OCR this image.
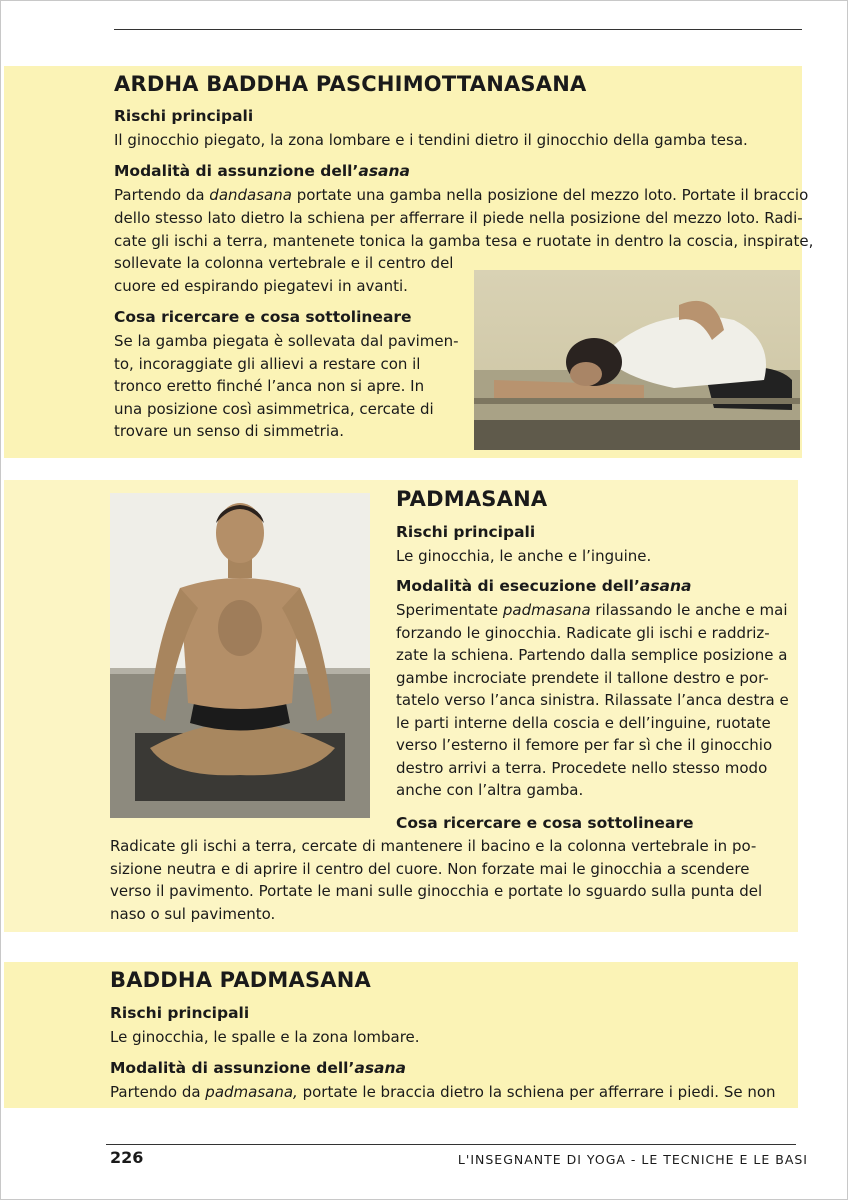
ARDHA BADDHA PASCHIMOTTANASANA
Rischi principali

Il ginocchio piegato, la zona lombare e i tendini dietro il ginocchio della gamba tesa.

Modalità di assunzione dell’asana

Partendo da dandasana portate una gamba nella posizione del mezzo loto. Portate il braccio

dello stesso lato dietro la schiena per afferrare il piede nella posizione del mezzo loto. Radi-

cate gli ischi a terra, mantenete tonica la gamba tesa e ruotate in dentro la coscia, inspirate,

sollevate la colonna vertebrale e il centro del

cuore ed espirando piegatevi in avanti.

Cosa ricercare e cosa sottolineare

Se la gamba piegata è sollevata dal pavimen-

to, incoraggiate gli allievi a restare con il

tronco eretto finché l’anca non si apre. In

una posizione così asimmetrica, cercate di

trovare un senso di simmetria.

PADMASANA
Rischi principali

Le ginocchia, le anche e l’inguine.

Modalità di esecuzione dell’asana

Sperimentate padmasana rilassando le anche e mai

forzando le ginocchia. Radicate gli ischi e raddriz-

zate la schiena. Partendo dalla semplice posizione a

gambe incrociate prendete il tallone destro e por-

tatelo verso l’anca sinistra. Rilassate l’anca destra e

le parti interne della coscia e dell’inguine, ruotate

verso l’esterno il femore per far sì che il ginocchio

destro arrivi a terra. Procedete nello stesso modo

anche con l’altra gamba.

Cosa ricercare e cosa sottolineare

Radicate gli ischi a terra, cercate di mantenere il bacino e la colonna vertebrale in po-

sizione neutra e di aprire il centro del cuore. Non forzate mai le ginocchia a scendere

verso il pavimento. Portate le mani sulle ginocchia e portate lo sguardo sulla punta del

naso o sul pavimento.

BADDHA PADMASANA
Rischi principali

Le ginocchia, le spalle e la zona lombare.

Modalità di assunzione dell’asana

Partendo da padmasana, portate le braccia dietro la schiena per afferrare i piedi. Se non

226	L'INSEGNANTE DI YOGA - LE TECNICHE E LE BASI
